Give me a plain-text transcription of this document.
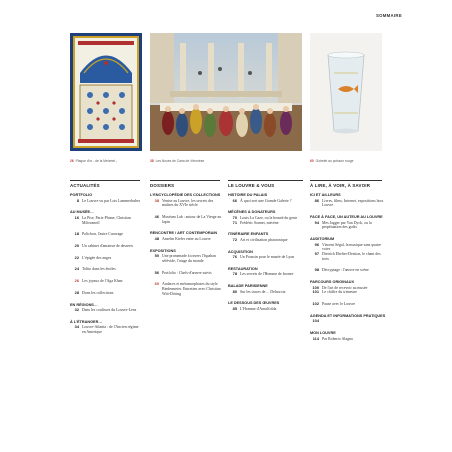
SOMMAIRE
26 Plaque d'or - de la Mehmet -	38 Les Noces de Cana de Véronèse	60 Gobelet au poisson rouge
ACTUALITÉS	DOSSIERS	LE LOUVRE & VOUS	À LIRE, À VOIR, À SAVOIR
PORTFOLIO
8 Le Louvre vu par Lois Lammerhuber
AU MUSÉE…
16 La Pise, Paris-Plume, Christian Milovanoff
18 Polichon, l'autre Caravage
20 Un cabinet d'amateur de desserts
22 L'épigée des anges
24 Tolito dans les étoiles
26 Les joyaux de l'Aga Khan
28 Dons les collections
EN RÉGIONS…
32 Dans les coulisses du Louvre-Lens
À L'ÉTRANGER…
34 Louvre-Atlanta : de l'Ancien régime en Amerique
L'ENCYCLOPÉDIE DES COLLECTIONS
38 Venise au Louvre, les secrets des maîtres du XVIe siècle
46 Muséum Lab : autour de La Vierge au lapin
RENCONTRE / ART CONTEMPORAIN
48 Anselm Kiefer entre au Louvre
EXPOSITIONS
50 Une promenade à travers l'Ispahan séfévide, l'otage du monde
56 Portfolio : Chefs-d'œuvre suivis
60 Audaces et métamorphoses du style Biedermeier. Entretien avec Christian Witt-Döring
HISTOIRE DU PALAIS
66 À quoi sert une Grande Galerie ?
MÉCÈNES & DONATEURS
70 Louis La Caze, ou la beauté du geste
71 Frédéric Sonnet, mécène
ITINÉRAIRE ENFANTS
72 Art et civilisation pharaonique
ACQUISITION
76 Un Poussin pour le musée de Lyon
RESTAURATION
78 Les secrets de l'Homme de bronze
BALADE PARISIENNE
80 Sur les traces de… Delacroix
LE DESSOUS DES ŒUVRES
85 L'Homme d'Arnolfolda
ICI ET AILLEURS
86 Livres, films, Internet, expositions hors Louvre
FACE À FACE, UN AUTEUR AU LOUVRE
94 Mes Jagger par Van Dyck, ou la perpétuation des goûts
AUDITORIUM
96 Vincent Ségal, la musique sans quatre voies
97 Dietrich Ebelter-Destion, le chant des trois
98 Décryptage : l'œuvre en scène
PARCOURS ORIGINAUX
100 De l'art de recevoir au musée
101 Le chiffre du trimestre
102 Pause avec le Louvre
AGENDA ET INFORMATIONS PRATIQUES
104
MON LOUVRE
114 Par Roberto Alagna
